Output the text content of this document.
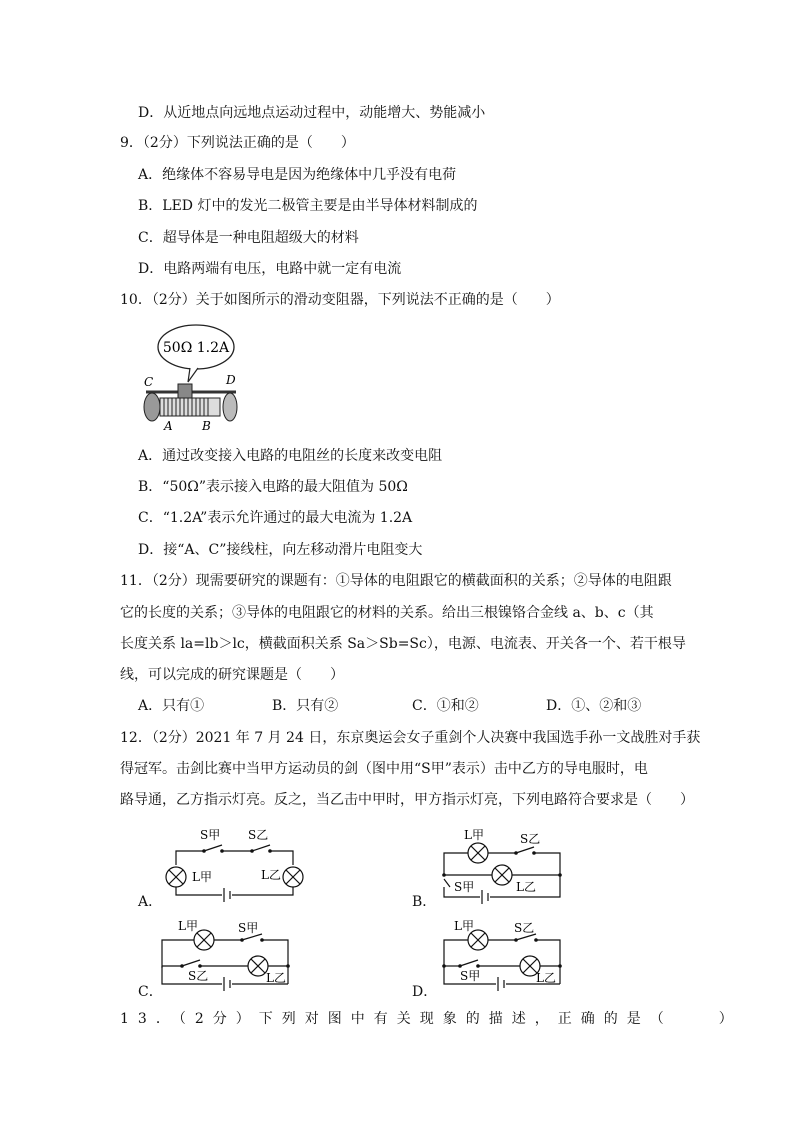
D．从近地点向远地点运动过程中，动能增大、势能减小
9．（2分）下列说法正确的是（　　）
A．绝缘体不容易导电是因为绝缘体中几乎没有电荷
B．LED 灯中的发光二极管主要是由半导体材料制成的
C．超导体是一种电阻超级大的材料
D．电路两端有电压，电路中就一定有电流
10．（2分）关于如图所示的滑动变阻器，下列说法不正确的是（　　）
50Ω 1.2A
C	D
A B
A．通过改变接入电路的电阻丝的长度来改变电阻
B．“50Ω”表示接入电路的最大阻值为 50Ω
C．“1.2A”表示允许通过的最大电流为 1.2A
D．接“A、C”接线柱，向左移动滑片电阻变大
11．（2分）现需要研究的课题有：①导体的电阻跟它的横截面积的关系；②导体的电阻跟
它的长度的关系；③导体的电阻跟它的材料的关系。给出三根镍铬合金线 a、b、c（其
长度关系 la=lb＞lc，横截面积关系 Sa＞Sb=Sc），电源、电流表、开关各一个、若干根导
线，可以完成的研究课题是（　　）
A．只有①	B．只有②	C．①和②	D．①、②和③
12．（2分）2021 年 7 月 24 日，东京奥运会女子重剑个人决赛中我国选手孙一文战胜对手获
得冠军。击剑比赛中当甲方运动员的剑（图中用“S甲”表示）击中乙方的导电服时，电
路导通，乙方指示灯亮。反之，当乙击中甲时，甲方指示灯亮，下列电路符合要求是（　　）
A．
S甲 S乙
L甲	L乙
B．
L甲	S乙
S甲	L乙
C．
L甲	S甲
S乙	L乙
D．
L甲	S乙
S甲	L乙
13．（2分）下列对图中有关现象的描述，正确的是（　　）
